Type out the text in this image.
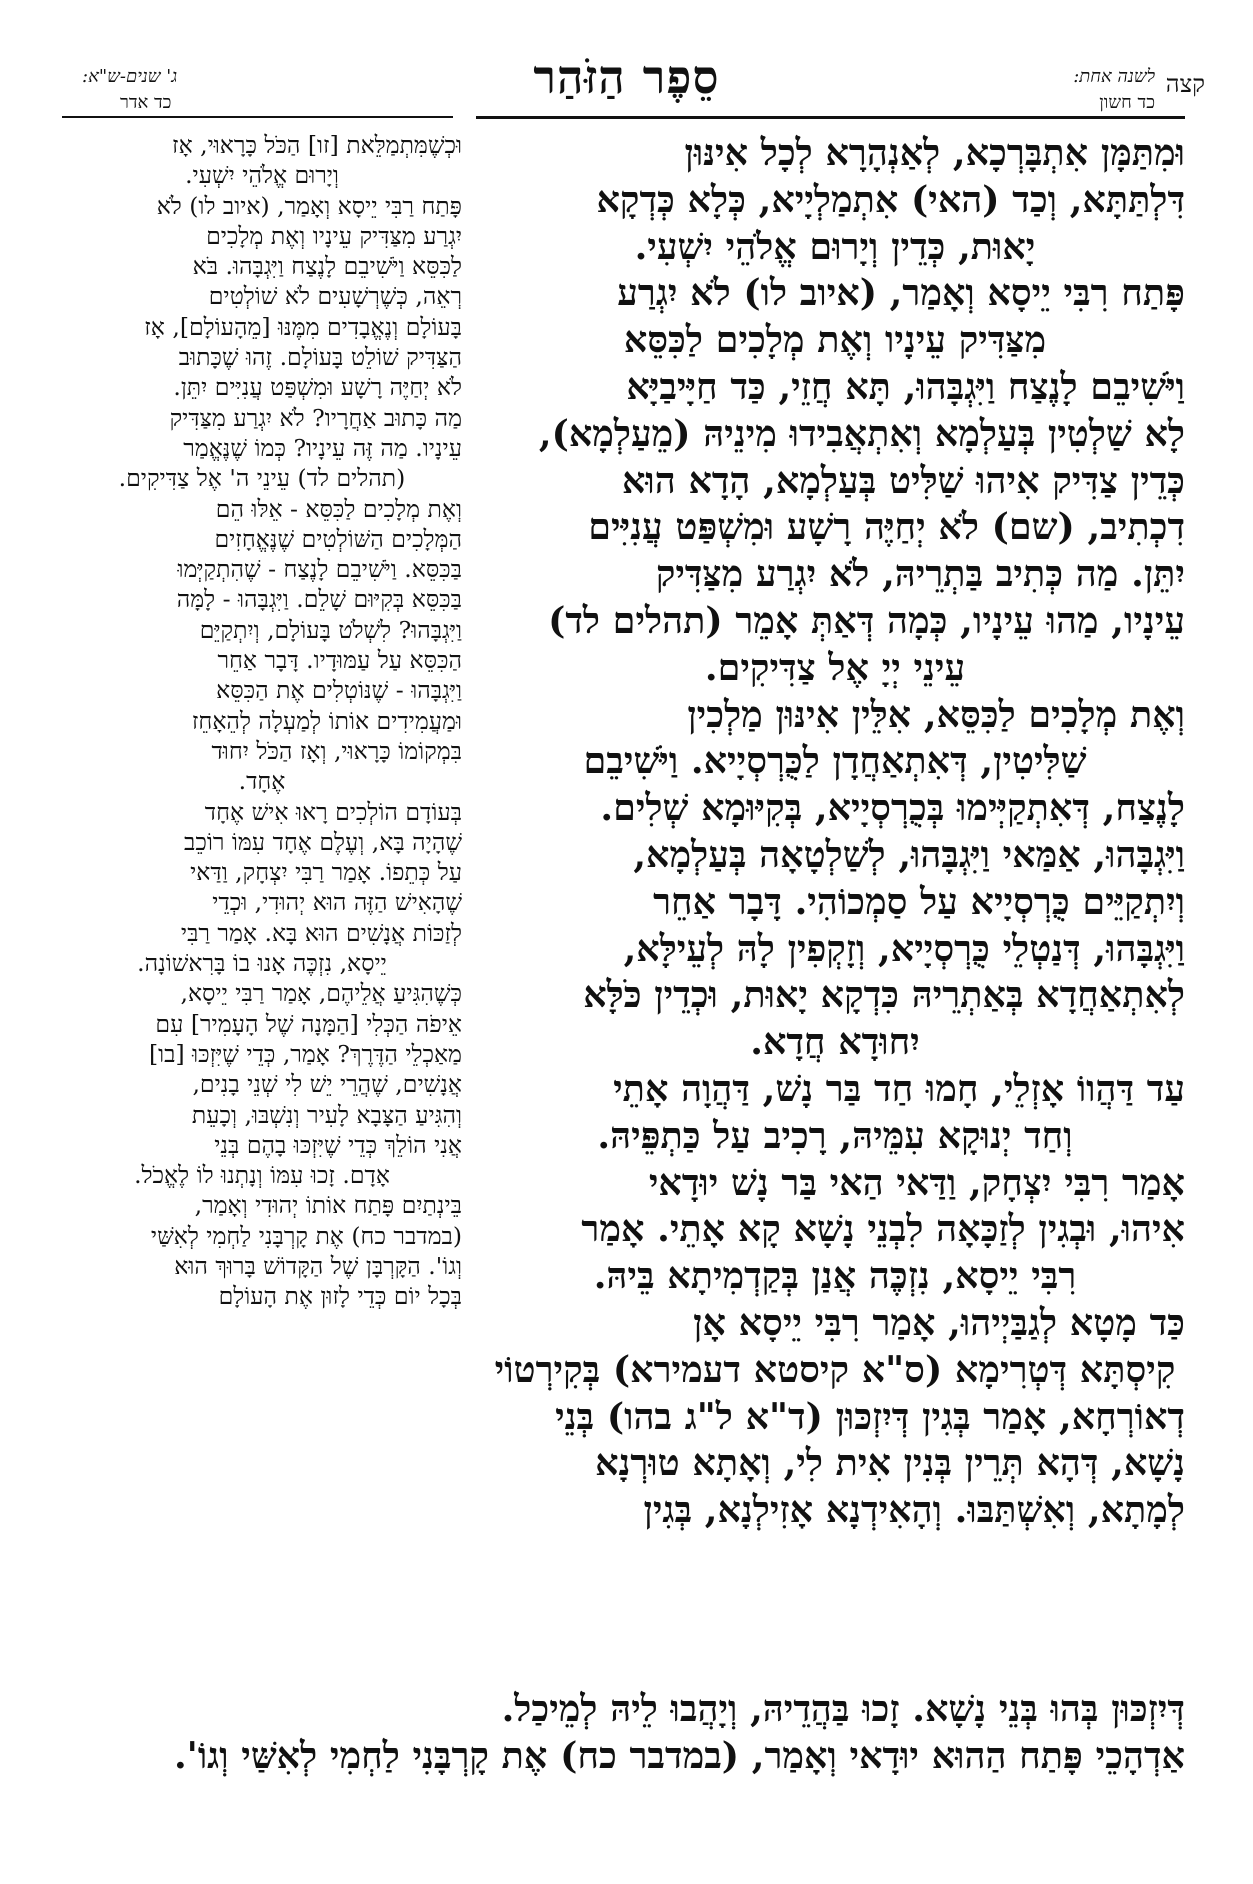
קצה
לשנה אחת:
כד חשון
סֵפֶר הַזֹּהַר
ג' שנים-ש"א:
כד אדר

וּמִתַּמָּן אִתְבָּרְכָא, לְאַנְהָרָא לְכָל אִינּוּן

דִּלְתַּתָּא, וְכַד (האי) אִתְמַלְיָיא, כְּלָא כְּדְקָא

יָאוּת, כְּדֵין וְיָרוּם אֱלֹהֵי יִשְׁעִי.

פָּתַח רִבִּי יֵיסָא וְאָמַר, (איוב לו) לֹא יִגְרַע

מִצַּדִּיק עֵינָיו וְאֶת מְלָכִים לַכִּסֵּא

וַיֹּשִׁיבֵם לָנֶצַח וַיִּגְבָּהוּ, תָּא חֲזֵי, כַּד חַיָּיבַיָּא

לָא שַׁלְטִין בְּעַלְמָא וְאִתְאֲבִידוּ מִינֵיהּ (מֵעַלְמָא),

כְּדֵין צַדִּיק אִיהוּ שַׁלִּיט בְּעַלְמָא, הָדָא הוּא

דִכְתִיב, (שם) לֹא יְחַיֶּה רָשָׁע וּמִשְׁפַּט עֲנִיִּים

יִתֵּן. מַה כְּתִיב בַּתְרֵיהּ, לֹא יִגְרַע מִצַּדִּיק

עֵינָיו, מַהוּ עֵינָיו, כְּמָה דְּאַתְּ אָמֵר (תהלים לד)

עֵינֵי יְיָ אֶל צַדִּיקִים.

וְאֶת מְלָכִים לַכִּסֵּא, אִלֵּין אִינּוּן מַלְכִין

שַׁלִּיטִין, דְּאִתְאַחֲדָן לַכֻּרְסְיָיא. וַיֹּשִׁיבֵם

לָנֶצַח, דְּאִתְקַיְּימוּ בְּכֻרְסְיָיא, בְּקִיּוּמָא שְׁלִים.

וַיִּגְבָּהוּ, אַמַּאי וַיִּגְבָּהוּ, לְשַׁלְטָאָה בְּעַלְמָא,

וְיִתְקַיֵּים כֻּרְסְיָיא עַל סַמְכוֹהִי. דָּבָר אַחֵר

וַיִּגְבָּהוּ, דְּנַטְלֵי כֻּרְסְיָיא, וְזָקְפִין לָהּ לְעֵילָּא,

לְאִתְאַחֲדָא בְּאַתְרֵיהּ כִּדְקָא יָאוּת, וּכְדֵין כֹּלָּא

יִחוּדָא חֲדָא.

עַד דַּהֲווֹ אָזְלֵי, חָמוּ חַד בַּר נָשׁ, דַּהֲוָה אָתֵי

וְחַד יְנוּקָא עִמֵּיהּ, רָכִיב עַל כַּתְפֵּיהּ.

אָמַר רִבִּי יִצְחָק, וַדַּאי הַאי בַּר נָשׁ יוּדָאי

אִיהוּ, וּבְגִין לְזַכָּאָה לִבְנֵי נָשָׁא קָא אָתֵי. אָמַר

רִבִּי יֵיסָא, נִזְכֶּה אֲנַן בְּקַדְמִיתָא בֵּיהּ.

כַּד מָטָא לְגַבַּיְיהוּ, אָמַר רִבִּי יֵיסָא אָן

קִיסְתָּא דְּטְרִימָא (ס"א קיסטא דעמירא) בְּקִירְטוֹי

דְאוֹרְחָא, אָמַר בְּגִין דְּיִזְכּוּן (ד"א ל"ג בהו) בְּנֵי

נָשָׁא, דְּהָא תְּרֵין בְּנִין אִית לִי, וְאָתָא טוּרְנָא

לְמָתָא, וְאִשְׁתַּבּוּ. וְהָאִידְנָא אָזִילְנָא, בְּגִין

וּכְשֶׁמִּתְמַלֵּאת [זו] הַכֹּל כָּרָאוּי, אָז

וְיָרוּם אֱלֹהֵי יִשְׁעִי.

פָּתַח רַבִּי יֵיסָא וְאָמַר, (איוב לו) לֹא

יִגְרַע מִצַּדִּיק עֵינָיו וְאֶת מְלָכִים

לַכִּסֵּא וַיֹּשִׁיבֵם לָנֶצַח וַיִּגְבָּהוּ. בֹּא

רְאֵה, כְּשֶׁרְשָׁעִים לֹא שׁוֹלְטִים

בָּעוֹלָם וְנֶאֱבָדִים מִמֶּנּוּ [מֵהָעוֹלָם], אָז

הַצַּדִּיק שׁוֹלֵט בָּעוֹלָם. זֶהוּ שֶׁכָּתוּב

לֹא יְחַיֶּה רָשָׁע וּמִשְׁפַּט עֲנִיִּים יִתֵּן.

מַה כָּתוּב אַחֲרָיו? לֹא יִגְרַע מִצַּדִּיק

עֵינָיו. מַה זֶּה עֵינָיו? כְּמוֹ שֶׁנֶּאֱמַר

(תהלים לד) עֵינֵי ה' אֶל צַדִּיקִים.

וְאֶת מְלָכִים לַכִּסֵּא - אֵלּוּ הֵם

הַמְּלָכִים הַשּׁוֹלְטִים שֶׁנֶּאֱחָזִים

בַּכִּסֵּא. וַיֹּשִׁיבֵם לָנֶצַח - שֶׁהִתְקַיְּמוּ

בַּכִּסֵּא בְּקִיּוּם שָׁלֵם. וַיִּגְבָּהוּ - לָמָּה

וַיִּגְבָּהוּ? לִשְׁלֹט בָּעוֹלָם, וְיִתְקַיֵּם

הַכִּסֵּא עַל עַמּוּדָיו. דָּבָר אַחֵר

וַיִּגְבָּהוּ - שֶׁנּוֹטְלִים אֶת הַכִּסֵּא

וּמַעֲמִידִים אוֹתוֹ לְמַעְלָה לְהֵאָחֵז

בִּמְקוֹמוֹ כָּרָאוּי, וְאָז הַכֹּל יִחוּד

אֶחָד.

בְּעוֹדָם הוֹלְכִים רָאוּ אִישׁ אֶחָד

שֶׁהָיָה בָּא, וְעֶלֶם אֶחָד עִמּוֹ רוֹכֵב

עַל כְּתֵפוֹ. אָמַר רַבִּי יִצְחָק, וַדַּאי

שֶׁהָאִישׁ הַזֶּה הוּא יְהוּדִי, וּכְדֵי

לְזַכּוֹת אֲנָשִׁים הוּא בָּא. אָמַר רַבִּי

יֵיסָא, נִזְכֶּה אָנוּ בוֹ בָּרִאשׁוֹנָה.

כְּשֶׁהִגִּיעַ אֲלֵיהֶם, אָמַר רַבִּי יֵיסָא,

אֵיפֹה הַכְּלִי [הַמָּנָה שֶׁל הָעָמִיר] עִם

מַאַכְלֵי הַדֶּרֶךְ? אָמַר, כְּדֵי שֶׁיִּזְכּוּ [בו]

אֲנָשִׁים, שֶׁהֲרֵי יֵשׁ לִי שְׁנֵי בָנִים,

וְהִגִּיעַ הַצָּבָא לָעִיר וְנִשְׁבּוּ, וְכָעֵת

אֲנִי הוֹלֵךְ כְּדֵי שֶׁיִּזְכּוּ בָהֶם בְּנֵי

אָדָם. זָכוּ עִמּוֹ וְנָתְנוּ לוֹ לֶאֱכֹל.

בֵּינְתַיִם פָּתַח אוֹתוֹ יְהוּדִי וְאָמַר,

(במדבר כח) אֶת קָרְבָּנִי לַחְמִי לְאִשַּׁי

וְגוֹ'. הַקָּרְבָּן שֶׁל הַקָּדוֹשׁ בָּרוּךְ הוּא

בְּכָל יוֹם כְּדֵי לָזוּן אֶת הָעוֹלָם

דְּיִזְכּוּן בְּהוּ בְּנֵי נָשָׁא. זָכוּ בַּהֲדֵיהּ, וְיָהֲבוּ לֵיהּ לְמֵיכַל.
אַדְהָכֵי פָּתַח הַהוּא יוּדָאי וְאָמַר, (במדבר כח) אֶת קָרְבָּנִי לַחְמִי לְאִשַּׁי וְגוֹ'.
